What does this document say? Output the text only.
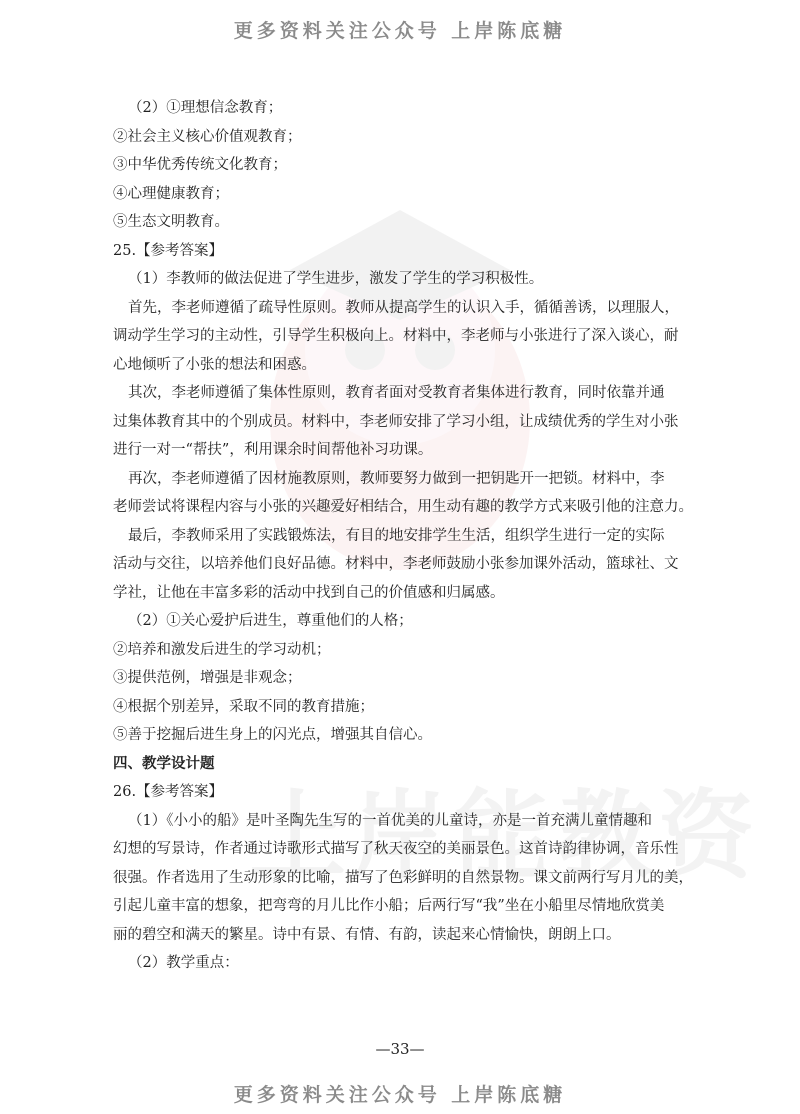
更多资料关注公众号 上岸陈底糖
（2）①理想信念教育；
②社会主义核心价值观教育；
③中华优秀传统文化教育；
④心理健康教育；
⑤生态文明教育。
25.【参考答案】
（1）李教师的做法促进了学生进步，激发了学生的学习积极性。
首先，李老师遵循了疏导性原则。教师从提高学生的认识入手，循循善诱，以理服人，
调动学生学习的主动性，引导学生积极向上。材料中，李老师与小张进行了深入谈心，耐
心地倾听了小张的想法和困惑。
其次，李老师遵循了集体性原则，教育者面对受教育者集体进行教育，同时依靠并通
过集体教育其中的个别成员。材料中，李老师安排了学习小组，让成绩优秀的学生对小张
进行一对一“帮扶”，利用课余时间帮他补习功课。
再次，李老师遵循了因材施教原则，教师要努力做到一把钥匙开一把锁。材料中，李
老师尝试将课程内容与小张的兴趣爱好相结合，用生动有趣的教学方式来吸引他的注意力。
最后，李教师采用了实践锻炼法，有目的地安排学生生活，组织学生进行一定的实际
活动与交往，以培养他们良好品德。材料中，李老师鼓励小张参加课外活动，篮球社、文
学社，让他在丰富多彩的活动中找到自己的价值感和归属感。
（2）①关心爱护后进生，尊重他们的人格；
②培养和激发后进生的学习动机；
③提供范例，增强是非观念；
④根据个别差异，采取不同的教育措施；
⑤善于挖掘后进生身上的闪光点，增强其自信心。
四、教学设计题
26.【参考答案】
（1）《小小的船》是叶圣陶先生写的一首优美的儿童诗，亦是一首充满儿童情趣和
幻想的写景诗，作者通过诗歌形式描写了秋天夜空的美丽景色。这首诗韵律协调，音乐性
很强。作者选用了生动形象的比喻，描写了色彩鲜明的自然景物。课文前两行写月儿的美，
引起儿童丰富的想象，把弯弯的月儿比作小船；后两行写“我”坐在小船里尽情地欣赏美
丽的碧空和满天的繁星。诗中有景、有情、有韵，读起来心情愉快，朗朗上口。
（2）教学重点：
—33—
更多资料关注公众号 上岸陈底糖
